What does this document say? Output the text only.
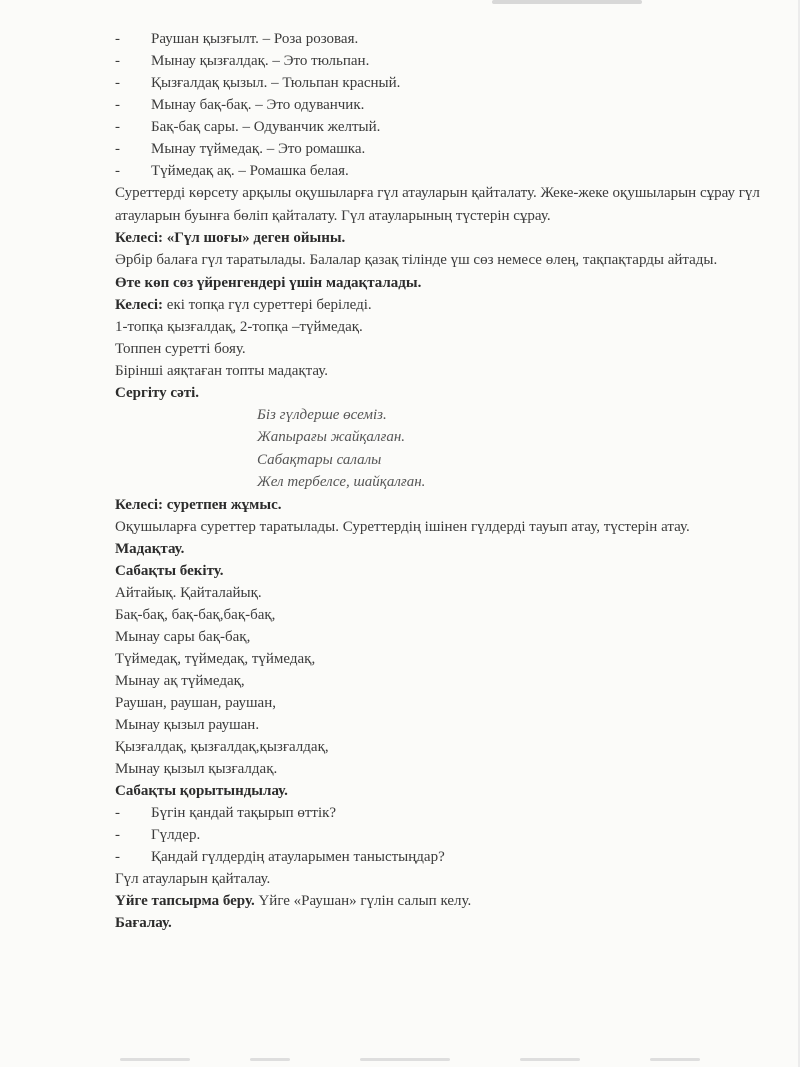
-	Раушан қызғылт. – Роза розовая.
-	Мынау қызғалдақ. – Это тюльпан.
-	Қызғалдақ қызыл. – Тюльпан красный.
-	Мынау бақ-бақ. – Это одуванчик.
-	Бақ-бақ сары. – Одуванчик желтый.
-	Мынау түймедақ. – Это ромашка.
-	Түймедақ ақ. – Ромашка белая.

Суреттерді көрсету арқылы оқушыларға гүл атауларын қайталату. Жеке-жеке оқушыларын сұрау гүл атауларын буынға бөліп қайталату. Гүл атауларының түстерін сұрау.

Келесі: «Гүл шоғы» деген ойыны.

Әрбір балаға гүл таратылады. Балалар қазақ тілінде үш сөз немесе өлең, тақпақтарды айтады.

Өте көп сөз үйренгендері үшін мадақталады.
Келесі: екі топқа гүл суреттері беріледі.
1-топқа қызғалдақ, 2-топқа –түймедақ.
Топпен суретті бояу.
Бірінші аяқтаған топты мадақтау.
Сергіту сәті.
Біз гүлдерше өсеміз.
Жапырағы жайқалған.
Сабақтары салалы
Жел тербелсе, шайқалған.
Келесі: суретпен жұмыс.

Оқушыларға суреттер таратылады. Суреттердің ішінен гүлдерді тауып атау, түстерін атау.

Мадақтау.
Сабақты бекіту.
Айтайық. Қайталайық.
Бақ-бақ, бақ-бақ,бақ-бақ,
Мынау сары бақ-бақ,
Түймедақ, түймедақ, түймедақ,
Мынау ақ түймедақ,
Раушан, раушан, раушан,
Мынау қызыл раушан.
Қызғалдақ, қызғалдақ,қызғалдақ,
Мынау қызыл қызғалдақ.
Сабақты қорытындылау.
-	Бүгін қандай тақырып өттік?
-	Гүлдер.
-	Қандай гүлдердің атауларымен таныстыңдар?
Гүл атауларын қайталау.
Үйге тапсырма беру. Үйге «Раушан» гүлін салып келу.
Бағалау.
